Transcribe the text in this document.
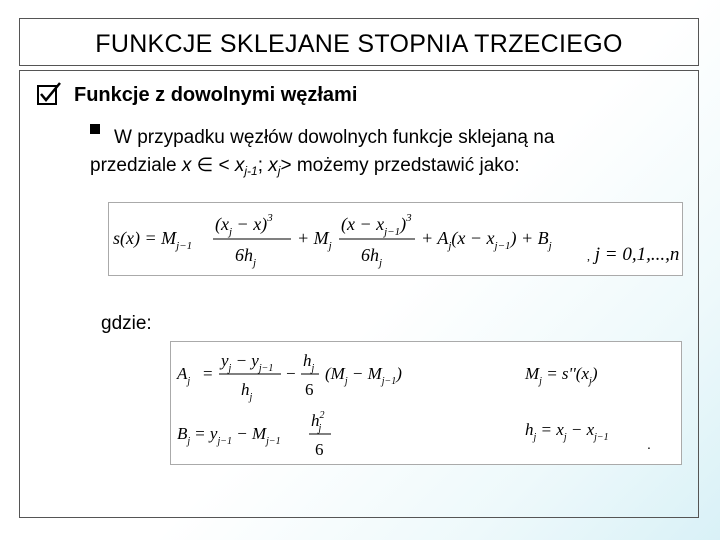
FUNKCJE SKLEJANE STOPNIA TRZECIEGO
Funkcje z dowolnymi węzłami
W przypadku węzłów dowolnych funkcje sklejaną na
przedziale x ∈ < $x_{j-1}$; $x_j>$ możemy przedstawić jako:
$s(x) = M_{j-1}$
$(x_j - x)^3$
$6h_j$
+ $M_j$
$(x - x_{j-1})^3$
$6h_j$
+ $A_j(x - x_{j-1}) + B_j$
, j = 0,1,...,n
gdzie:
$A_j$ =
$y_j - y_{j-1}$
$h_j$
−
$h_j$
6
$(M_j - M_{j-1})$
$B_j = y_{j-1} - M_{j-1}$
$h^2$ j
6
$M_j = s''(x_j)$
$h_j = x_j - x_{j-1}$	.
